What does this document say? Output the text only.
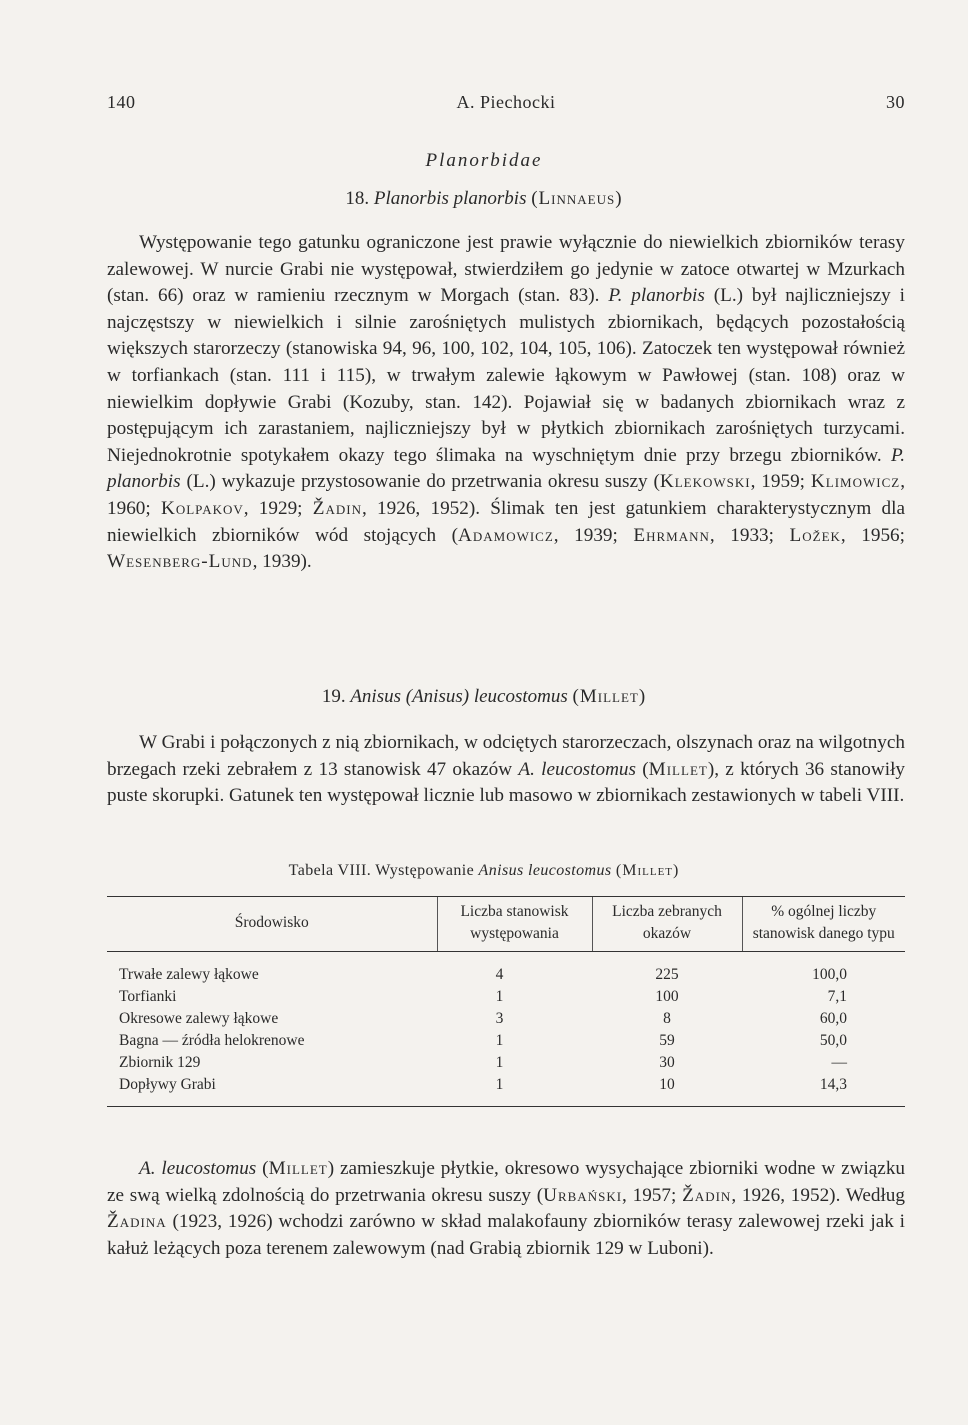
140	A. Piechocki	30
Planorbidae
18. Planorbis planorbis (Linnaeus)

Występowanie tego gatunku ograniczone jest prawie wyłącznie do niewielkich zbiorników terasy zalewowej. W nurcie Grabi nie występował, stwierdziłem go jedynie w zatoce otwartej w Mzurkach (stan. 66) oraz w ramieniu rzecznym w Morgach (stan. 83). P. planorbis (L.) był najliczniejszy i najczęstszy w niewielkich i silnie zarośniętych mulistych zbiornikach, będących pozostałością większych starorzeczy (stanowiska 94, 96, 100, 102, 104, 105, 106). Zatoczek ten występował również w torfiankach (stan. 111 i 115), w trwałym zalewie łąkowym w Pawłowej (stan. 108) oraz w niewielkim dopływie Grabi (Kozuby, stan. 142). Pojawiał się w badanych zbiornikach wraz z postępującym ich zarastaniem, najliczniejszy był w płytkich zbiornikach zarośniętych turzycami. Niejednokrotnie spotykałem okazy tego ślimaka na wyschniętym dnie przy brzegu zbiorników. P. planorbis (L.) wykazuje przystosowanie do przetrwania okresu suszy (Klekowski, 1959; Klimowicz, 1960; Kolpakov, 1929; Žadin, 1926, 1952). Ślimak ten jest gatunkiem charakterystycznym dla niewielkich zbiorników wód stojących (Adamowicz, 1939; Ehrmann, 1933; Ložek, 1956; Wesenberg-Lund, 1939).

19. Anisus (Anisus) leucostomus (Millet)

W Grabi i połączonych z nią zbiornikach, w odciętych starorzeczach, olszynach oraz na wilgotnych brzegach rzeki zebrałem z 13 stanowisk 47 okazów A. leucostomus (Millet), z których 36 stanowiły puste skorupki. Gatunek ten występował licznie lub masowo w zbiornikach zestawionych w tabeli VIII.

Tabela VIII. Występowanie Anisus leucostomus (Millet)
Środowisko	Liczba stanowisk występowania	Liczba zebranych okazów	% ogólnej liczby stanowisk danego typu
Trwałe zalewy łąkowe	4	225	100,0
Torfianki	1	100	7,1
Okresowe zalewy łąkowe	3	8	60,0
Bagna — źródła helokrenowe	1	59	50,0
Zbiornik 129	1	30	—
Dopływy Grabi	1	10	14,3

A. leucostomus (Millet) zamieszkuje płytkie, okresowo wysychające zbiorniki wodne w związku ze swą wielką zdolnością do przetrwania okresu suszy (Urbański, 1957; Žadin, 1926, 1952). Według Žadina (1923, 1926) wchodzi zarówno w skład malakofauny zbiorników terasy zalewowej rzeki jak i kałuż leżących poza terenem zalewowym (nad Grabią zbiornik 129 w Luboni).
